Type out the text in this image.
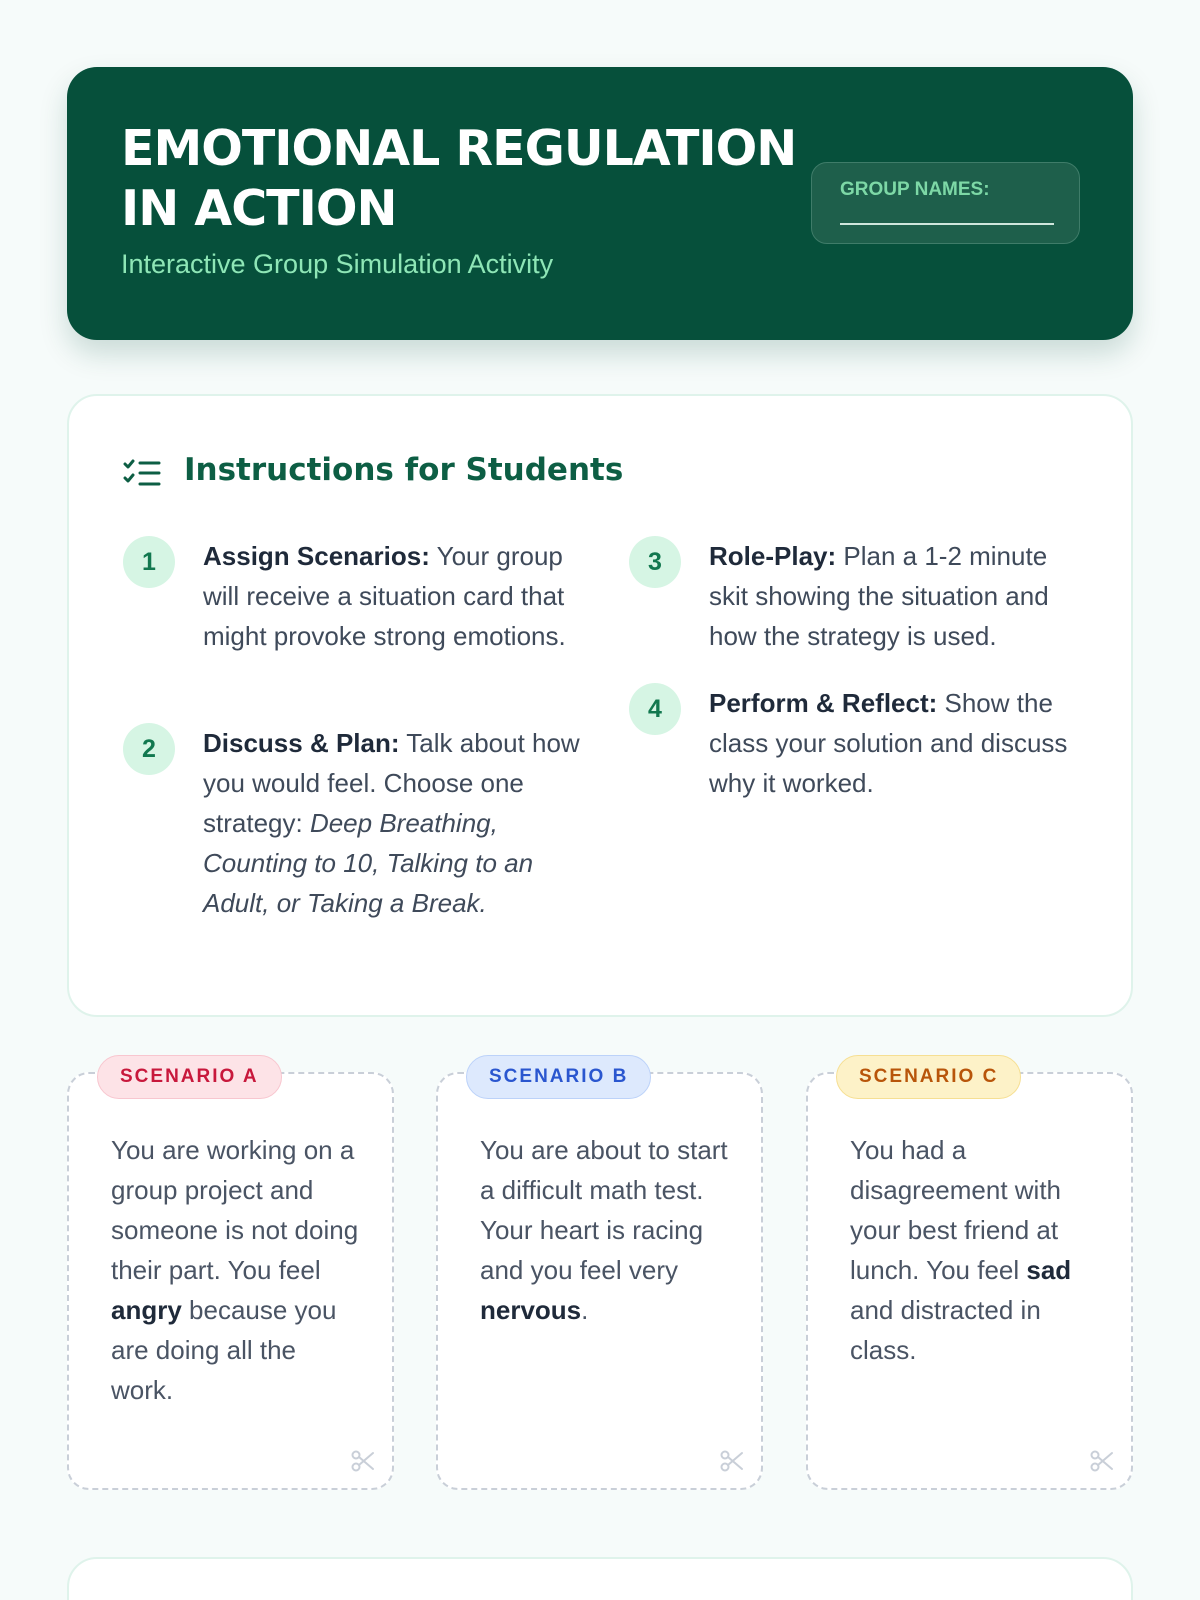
EMOTIONAL REGULATION IN ACTION
Interactive Group Simulation Activity
GROUP NAMES:
Instructions for Students
1	Assign Scenarios: Your group will receive a situation card that might provoke strong emotions.

2	Discuss & Plan: Talk about how you would feel. Choose one strategy: Deep Breathing, Counting to 10, Talking to an Adult, or Taking a Break.

3	Role-Play: Plan a 1-2 minute skit showing the situation and how the strategy is used.

4	Perform & Reflect: Show the class your solution and discuss why it worked.

SCENARIO A
You are working on a group project and someone is not doing their part. You feel angry because you are doing all the work.
SCENARIO B
You are about to start a difficult math test. Your heart is racing and you feel very nervous.
SCENARIO C
You had a disagreement with your best friend at lunch. You feel sad and distracted in class.
